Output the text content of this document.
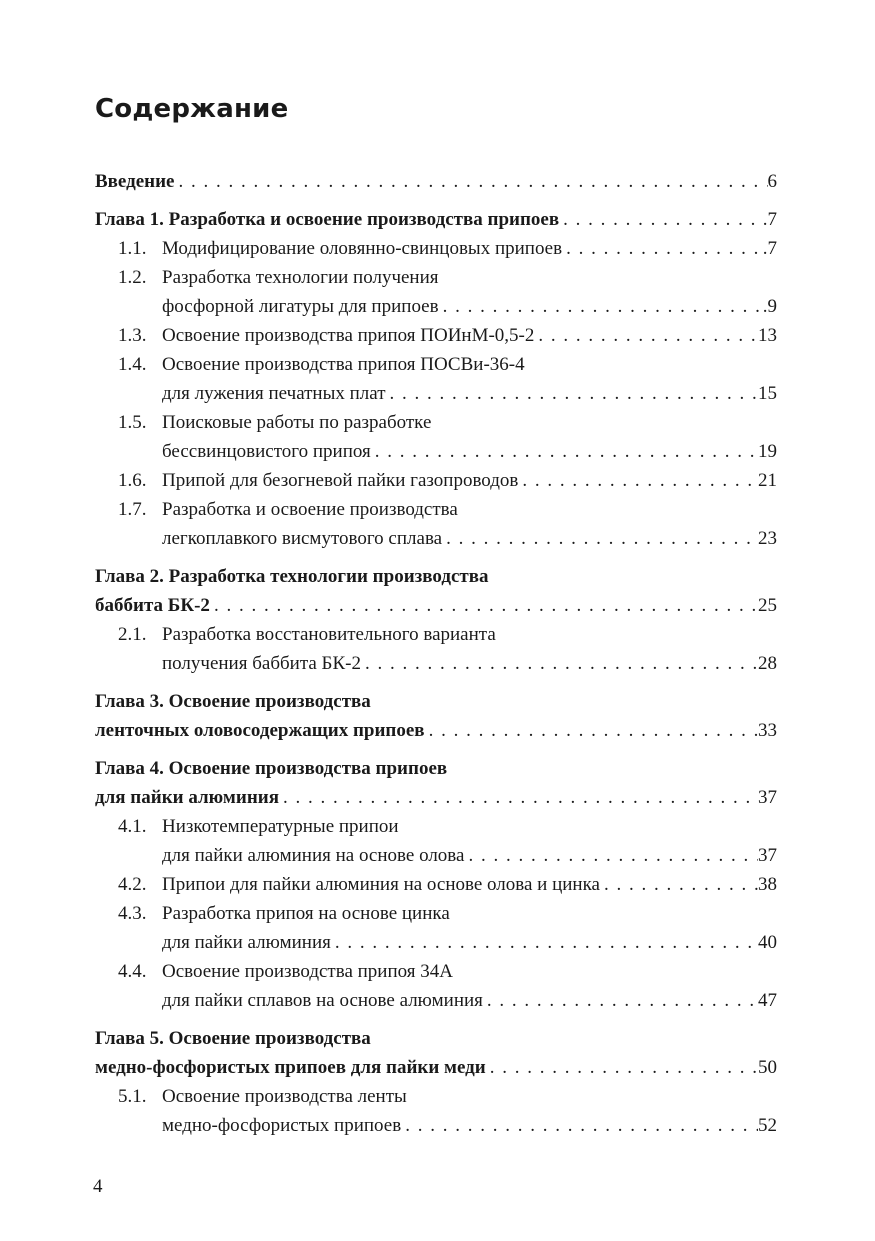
Содержание
Введение . . .	6
Глава 1. Разработка и освоение производства припоев . . .	.7
1.1. Модифицирование оловянно-свинцовых припоев . . .	.7
1.2. Разработка технологии получения
фосфорной лигатуры для припоев . . .	.9
1.3. Освоение производства припоя ПОИнМ-0,5-2 . . .	13
1.4. Освоение производства припоя ПОСВи-36-4
для лужения печатных плат . . .	15
1.5. Поисковые работы по разработке
бессвинцовистого припоя . . .	19
1.6. Припой для безогневой пайки газопроводов . . .	21
1.7. Разработка и освоение производства
легкоплавкого висмутового сплава . . .	23
Глава 2. Разработка технологии производства
баббита БК-2 . . .	25
2.1. Разработка восстановительного варианта
получения баббита БК-2 . . .	28
Глава 3. Освоение производства
ленточных оловосодержащих припоев . . .	33
Глава 4. Освоение производства припоев
для пайки алюминия . . .	37
4.1. Низкотемпературные припои
для пайки алюминия на основе олова . . .	37
4.2. Припои для пайки алюминия на основе олова и цинка . . .	38
4.3. Разработка припоя на основе цинка
для пайки алюминия . . .	40
4.4. Освоение производства припоя 34А
для пайки сплавов на основе алюминия . . .	47
Глава 5. Освоение производства
медно-фосфористых припоев для пайки меди . . .	50
5.1. Освоение производства ленты
медно-фосфористых припоев . . .	52
4
